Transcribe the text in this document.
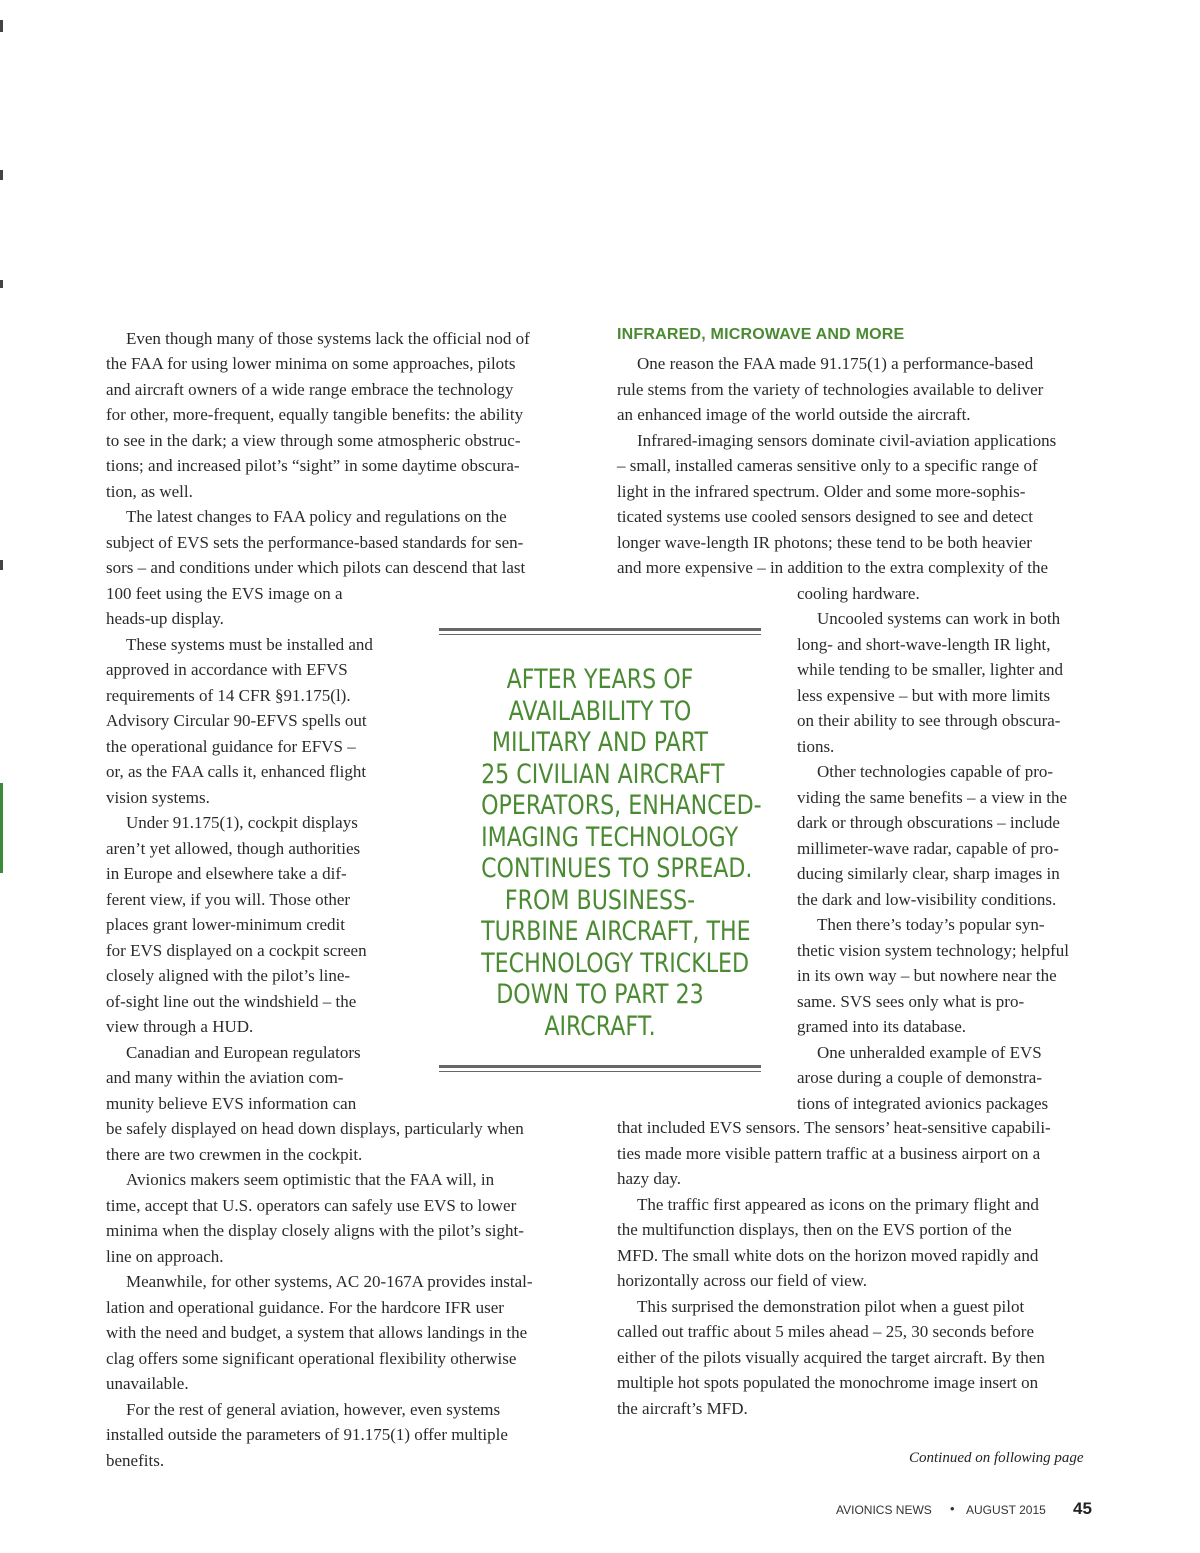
Even though many of those systems lack the official nod of

the FAA for using lower minima on some approaches, pilots

and aircraft owners of a wide range embrace the technology

for other, more-frequent, equally tangible benefits: the ability

to see in the dark; a view through some atmospheric obstruc-

tions; and increased pilot’s “sight” in some daytime obscura-

tion, as well.

The latest changes to FAA policy and regulations on the

subject of EVS sets the performance-based standards for sen-

sors – and conditions under which pilots can descend that last

100 feet using the EVS image on a

heads-up display.

These systems must be installed and

approved in accordance with EFVS

requirements of 14 CFR §91.175(l).

Advisory Circular 90-EFVS spells out

the operational guidance for EFVS –

or, as the FAA calls it, enhanced flight

vision systems.

Under 91.175(1), cockpit displays

aren’t yet allowed, though authorities

in Europe and elsewhere take a dif-

ferent view, if you will. Those other

places grant lower-minimum credit

for EVS displayed on a cockpit screen

closely aligned with the pilot’s line-

of-sight line out the windshield – the

view through a HUD.

Canadian and European regulators

and many within the aviation com-

munity believe EVS information can

be safely displayed on head down displays, particularly when

there are two crewmen in the cockpit.

Avionics makers seem optimistic that the FAA will, in

time, accept that U.S. operators can safely use EVS to lower

minima when the display closely aligns with the pilot’s sight-

line on approach.

Meanwhile, for other systems, AC 20-167A provides instal-

lation and operational guidance. For the hardcore IFR user

with the need and budget, a system that allows landings in the

clag offers some significant operational flexibility otherwise

unavailable.

For the rest of general aviation, however, even systems

installed outside the parameters of 91.175(1) offer multiple

benefits.

INFRARED, MICROWAVE AND MORE

One reason the FAA made 91.175(1) a performance-based

rule stems from the variety of technologies available to deliver

an enhanced image of the world outside the aircraft.

Infrared-imaging sensors dominate civil-aviation applications

– small, installed cameras sensitive only to a specific range of

light in the infrared spectrum. Older and some more-sophis-

ticated systems use cooled sensors designed to see and detect

longer wave-length IR photons; these tend to be both heavier

and more expensive – in addition to the extra complexity of the

cooling hardware.

Uncooled systems can work in both

long- and short-wave-length IR light,

while tending to be smaller, lighter and

less expensive – but with more limits

on their ability to see through obscura-

tions.

Other technologies capable of pro-

viding the same benefits – a view in the

dark or through obscurations – include

millimeter-wave radar, capable of pro-

ducing similarly clear, sharp images in

the dark and low-visibility conditions.

Then there’s today’s popular syn-

thetic vision system technology; helpful

in its own way – but nowhere near the

same. SVS sees only what is pro-

gramed into its database.

One unheralded example of EVS

arose during a couple of demonstra-

tions of integrated avionics packages

that included EVS sensors. The sensors’ heat-sensitive capabili-

ties made more visible pattern traffic at a business airport on a

hazy day.

The traffic first appeared as icons on the primary flight and

the multifunction displays, then on the EVS portion of the

MFD. The small white dots on the horizon moved rapidly and

horizontally across our field of view.

This surprised the demonstration pilot when a guest pilot

called out traffic about 5 miles ahead – 25, 30 seconds before

either of the pilots visually acquired the target aircraft. By then

multiple hot spots populated the monochrome image insert on

the aircraft’s MFD.

AFTER YEARS OF
AVAILABILITY TO
MILITARY AND PART
25 CIVILIAN AIRCRAFT
OPERATORS, ENHANCED-
IMAGING TECHNOLOGY
CONTINUES TO SPREAD.
FROM BUSINESS-
TURBINE AIRCRAFT, THE
TECHNOLOGY TRICKLED
DOWN TO PART 23
AIRCRAFT.

Continued on following page

AVIONICS NEWS • AUGUST 2015 45
